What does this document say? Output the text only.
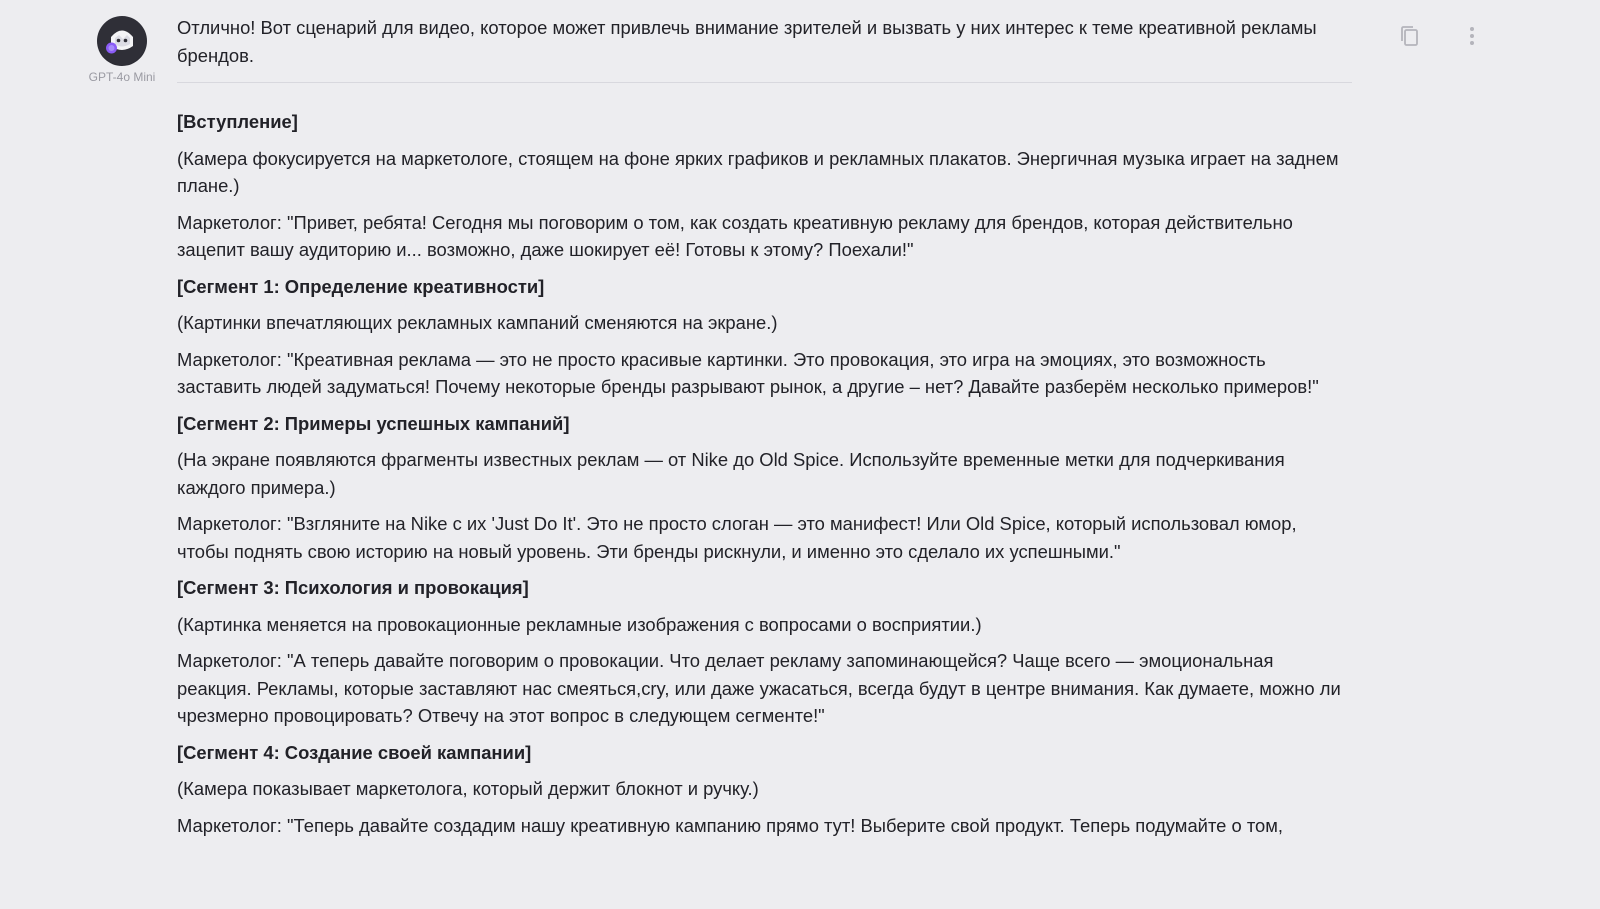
GPT-4o Mini

Отлично! Вот сценарий для видео, которое может привлечь внимание зрителей и вызвать у них интерес к теме креативной рекламы брендов.

[Вступление]

(Камера фокусируется на маркетологе, стоящем на фоне ярких графиков и рекламных плакатов. Энергичная музыка играет на заднем плане.)

Маркетолог: "Привет, ребята! Сегодня мы поговорим о том, как создать креативную рекламу для брендов, которая действительно зацепит вашу аудиторию и... возможно, даже шокирует её! Готовы к этому? Поехали!"

[Сегмент 1: Определение креативности]

(Картинки впечатляющих рекламных кампаний сменяются на экране.)

Маркетолог: "Креативная реклама — это не просто красивые картинки. Это провокация, это игра на эмоциях, это возможность заставить людей задуматься! Почему некоторые бренды разрывают рынок, а другие – нет? Давайте разберём несколько примеров!"

[Сегмент 2: Примеры успешных кампаний]

(На экране появляются фрагменты известных реклам — от Nike до Old Spice. Используйте временные метки для подчеркивания каждого примера.)

Маркетолог: "Взгляните на Nike с их 'Just Do It'. Это не просто слоган — это манифест! Или Old Spice, который использовал юмор, чтобы поднять свою историю на новый уровень. Эти бренды рискнули, и именно это сделало их успешными."

[Сегмент 3: Психология и провокация]

(Картинка меняется на провокационные рекламные изображения с вопросами о восприятии.)

Маркетолог: "А теперь давайте поговорим о провокации. Что делает рекламу запоминающейся? Чаще всего — эмоциональная реакция. Рекламы, которые заставляют нас смеяться,cry, или даже ужасаться, всегда будут в центре внимания. Как думаете, можно ли чрезмерно провоцировать? Отвечу на этот вопрос в следующем сегменте!"

[Сегмент 4: Создание своей кампании]

(Камера показывает маркетолога, который держит блокнот и ручку.)

Маркетолог: "Теперь давайте создадим нашу креативную кампанию прямо тут! Выберите свой продукт. Теперь подумайте о том,
